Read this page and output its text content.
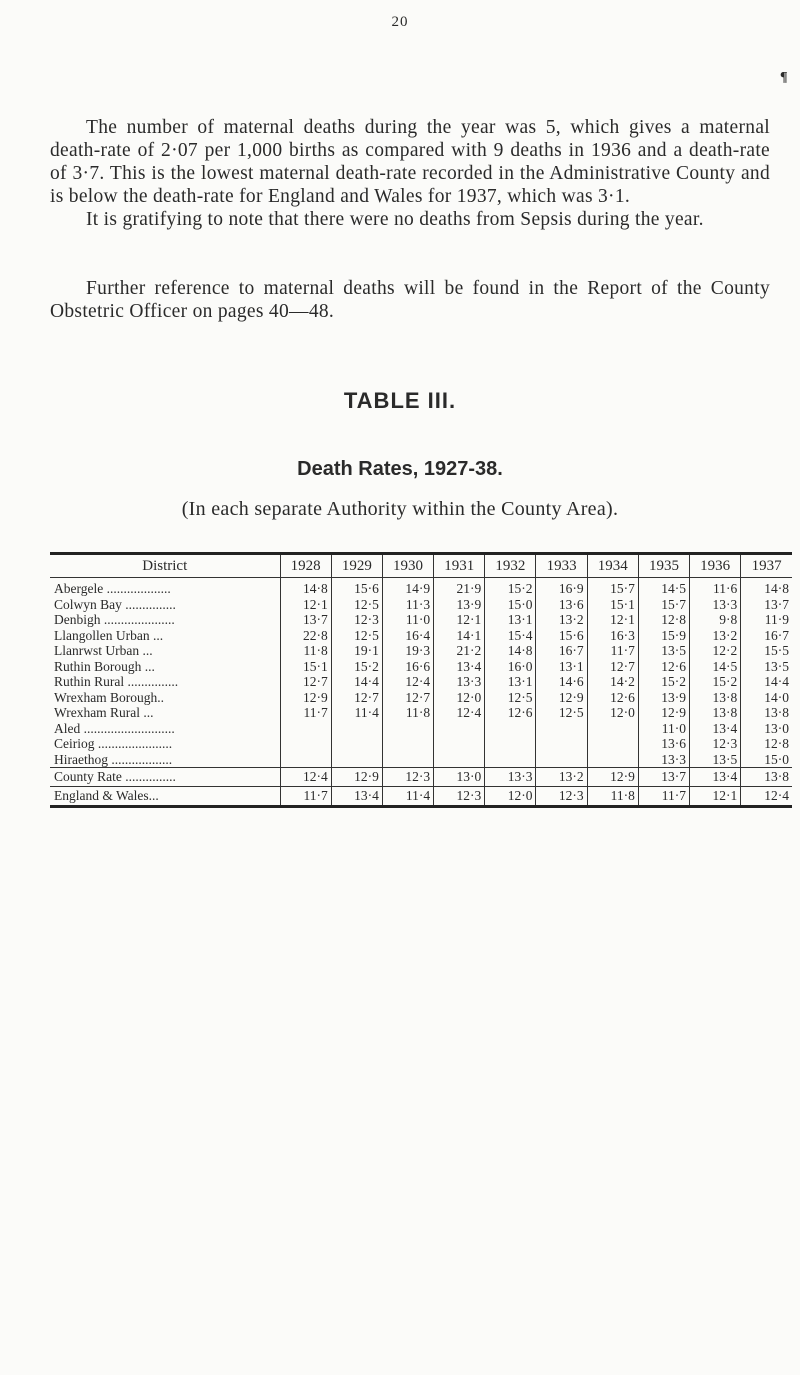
20
¶

The number of maternal deaths during the year was 5, which gives a maternal death-rate of 2·07 per 1,000 births as compared with 9 deaths in 1936 and a death-rate of 3·7. This is the lowest maternal death-rate recorded in the Administrative County and is below the death-rate for England and Wales for 1937, which was 3·1.

It is gratifying to note that there were no deaths from Sepsis during the year.

Further reference to maternal deaths will be found in the Report of the County Obstetric Officer on pages 40—48.

TABLE III.
Death Rates, 1927-38.
(In each separate Authority within the County Area).
District	1928	1929	1930	1931	1932	1933	1934	1935	1936	1937
Abergele ...................	14·8	15·6	14·9	21·9	15·2	16·9	15·7	14·5	11·6	14·8
Colwyn Bay ...............	12·1	12·5	11·3	13·9	15·0	13·6	15·1	15·7	13·3	13·7
Denbigh .....................	13·7	12·3	11·0	12·1	13·1	13·2	12·1	12·8	9·8	11·9
Llangollen Urban ...	22·8	12·5	16·4	14·1	15·4	15·6	16·3	15·9	13·2	16·7
Llanrwst Urban ...	11·8	19·1	19·3	21·2	14·8	16·7	11·7	13·5	12·2	15·5
Ruthin Borough ...	15·1	15·2	16·6	13·4	16·0	13·1	12·7	12·6	14·5	13·5
Ruthin Rural ...............	12·7	14·4	12·4	13·3	13·1	14·6	14·2	15·2	15·2	14·4
Wrexham Borough..	12·9	12·7	12·7	12·0	12·5	12·9	12·6	13·9	13·8	14·0
Wrexham Rural ...	11·7	11·4	11·8	12·4	12·6	12·5	12·0	12·9	13·8	13·8
Aled ...........................								11·0	13·4	13·0
Ceiriog ......................								13·6	12·3	12·8
Hiraethog ..................								13·3	13·5	15·0
County Rate ...............	12·4	12·9	12·3	13·0	13·3	13·2	12·9	13·7	13·4	13·8
England & Wales...	11·7	13·4	11·4	12·3	12·0	12·3	11·8	11·7	12·1	12·4
